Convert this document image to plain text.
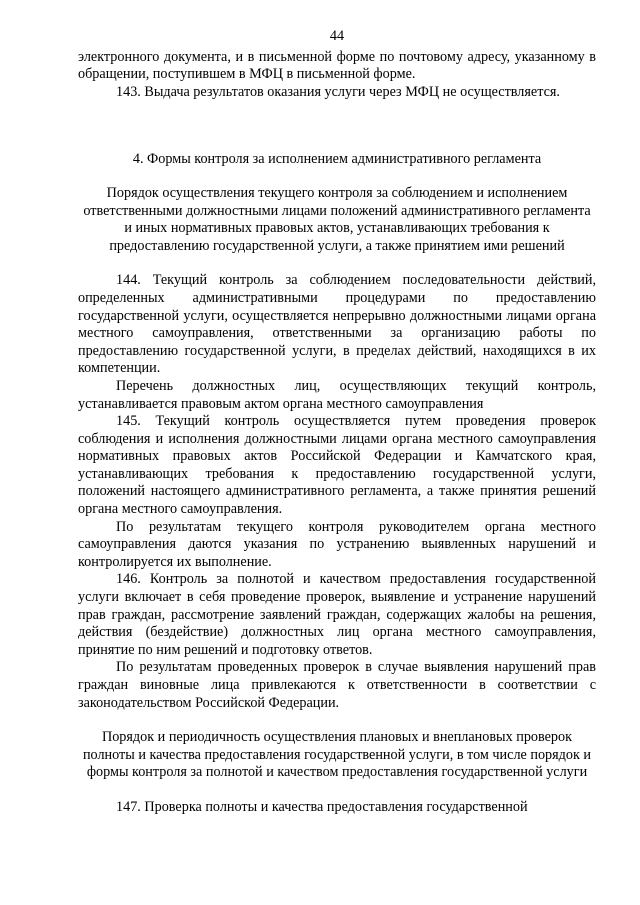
44

электронного документа, и в письменной форме по почтовому адресу, указанному в обращении, поступившем в МФЦ в письменной форме.

143. Выдача результатов оказания услуги через МФЦ не осуществляется.

4. Формы контроля за исполнением административного регламента
Порядок осуществления текущего контроля за соблюдением и исполнением ответственными должностными лицами положений административного регламента и иных нормативных правовых актов, устанавливающих требования к предоставлению государственной услуги, а также принятием ими решений

144. Текущий контроль за соблюдением последовательности действий, определенных административными процедурами по предоставлению государственной услуги, осуществляется непрерывно должностными лицами органа местного самоуправления, ответственными за организацию работы по предоставлению государственной услуги, в пределах действий, находящихся в их компетенции.

Перечень должностных лиц, осуществляющих текущий контроль, устанавливается правовым актом органа местного самоуправления

145. Текущий контроль осуществляется путем проведения проверок соблюдения и исполнения должностными лицами органа местного самоуправления нормативных правовых актов Российской Федерации и Камчатского края, устанавливающих требования к предоставлению государственной услуги, положений настоящего административного регламента, а также принятия решений органа местного самоуправления.

По результатам текущего контроля руководителем органа местного самоуправления даются указания по устранению выявленных нарушений и контролируется их выполнение.

146. Контроль за полнотой и качеством предоставления государственной услуги включает в себя проведение проверок, выявление и устранение нарушений прав граждан, рассмотрение заявлений граждан, содержащих жалобы на решения, действия (бездействие) должностных лиц органа местного самоуправления, принятие по ним решений и подготовку ответов.

По результатам проведенных проверок в случае выявления нарушений прав граждан виновные лица привлекаются к ответственности в соответствии с законодательством Российской Федерации.

Порядок и периодичность осуществления плановых и внеплановых проверок полноты и качества предоставления государственной услуги, в том числе порядок и формы контроля за полнотой и качеством предоставления государственной услуги

147. Проверка полноты и качества предоставления государственной
